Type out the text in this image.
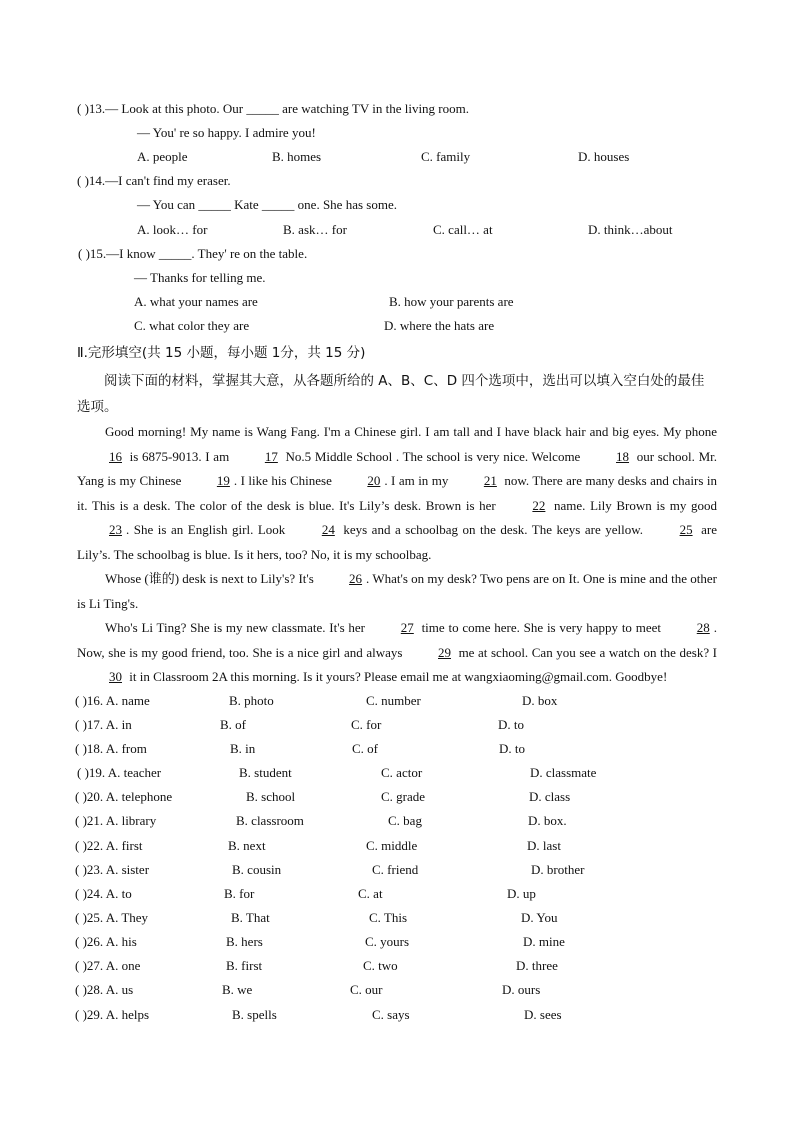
( )13.— Look at this photo. Our _____ are watching TV in the living room.
— You' re so happy. I admire you!
A. people	B. homes	C. family	D. houses
( )14.—I can't find my eraser.
— You can _____ Kate _____ one. She has some.
A. look… for	B. ask… for	C. call… at	D. think…about
( )15.—I know _____. They' re on the table.
— Thanks for telling me.
A. what your names are	B. how your parents are
C. what color they are	D. where the hats are
Ⅱ.完形填空(共 15 小题，每小题 1分，共 15 分)
阅读下面的材料，掌握其大意，从各题所给的 A、B、C、D 四个选项中，选出可以填入空白处的最佳选项。

Good morning! My name is Wang Fang. I'm a Chinese girl. I am tall and I have black hair and big eyes. My phone 16 is 6875-9013. I am 17 No.5 Middle School . The school is very nice. Welcome 18 our school. Mr. Yang is my Chinese 19 . I like his Chinese 20 . I am in my 21 now. There are many desks and chairs in it. This is a desk. The color of the desk is blue. It's Lily’s desk. Brown is her 22 name. Lily Brown is my good 23 . She is an English girl. Look 24 keys and a schoolbag on the desk. The keys are yellow. 25 are Lily’s. The schoolbag is blue. Is it hers, too? No, it is my schoolbag.

Whose (谁的) desk is next to Lily's? It's 26 . What's on my desk? Two pens are on It. One is mine and the other is Li Ting's.

Who's Li Ting? She is my new classmate. It's her 27 time to come here. She is very happy to meet 28 . Now, she is my good friend, too. She is a nice girl and always 29 me at school. Can you see a watch on the desk? I 30 it in Classroom 2A this morning. Is it yours? Please email me at wangxiaoming@gmail.com. Goodbye!

( )16. A. name	B. photo	C. number	D. box
( )17. A. in	B. of	C. for	D. to
( )18. A. from	B. in	C. of	D. to
( )19. A. teacher	B. student	C. actor	D. classmate
( )20. A. telephone	B. school	C. grade	D. class
( )21. A. library	B. classroom	C. bag	D. box.
( )22. A. first	B. next	C. middle	D. last
( )23. A. sister	B. cousin	C. friend	D. brother
( )24. A. to	B. for	C. at	D. up
( )25. A. They	B. That	C. This	D. You
( )26. A. his	B. hers	C. yours	D. mine
( )27. A. one	B. first	C. two	D. three
( )28. A. us	B. we	C. our	D. ours
( )29. A. helps	B. spells	C. says	D. sees
